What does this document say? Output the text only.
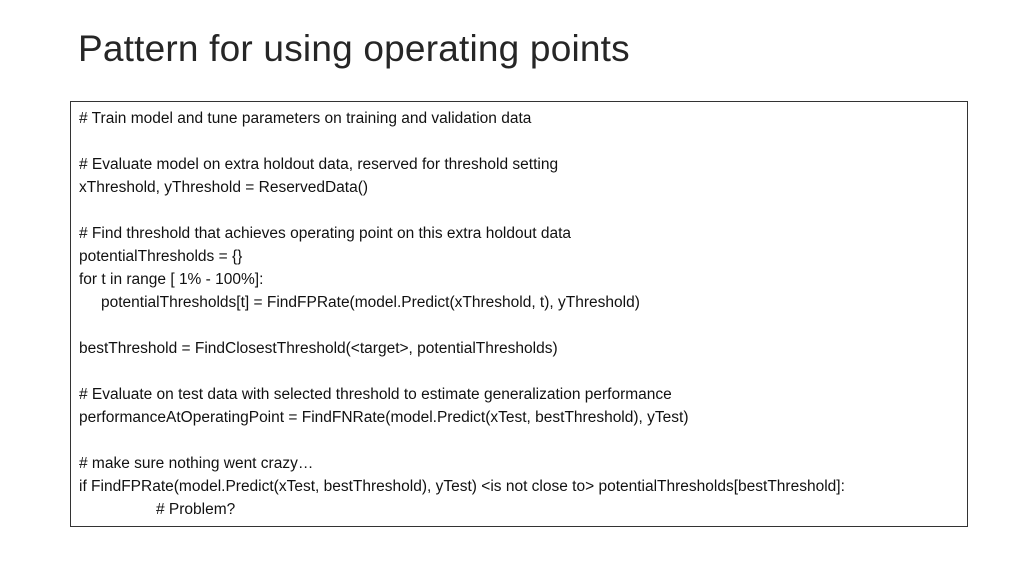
Pattern for using operating points
# Train model and tune parameters on training and validation data
# Evaluate model on extra holdout data, reserved for threshold setting
xThreshold, yThreshold = ReservedData()
# Find threshold that achieves operating point on this extra holdout data
potentialThresholds = {}
for t in range [ 1% - 100%]:
potentialThresholds[t] = FindFPRate(model.Predict(xThreshold, t), yThreshold)
bestThreshold = FindClosestThreshold(<target>, potentialThresholds)
# Evaluate on test data with selected threshold to estimate generalization performance
performanceAtOperatingPoint = FindFNRate(model.Predict(xTest, bestThreshold), yTest)
# make sure nothing went crazy…
if FindFPRate(model.Predict(xTest, bestThreshold), yTest) <is not close to> potentialThresholds[bestThreshold]:
# Problem?
